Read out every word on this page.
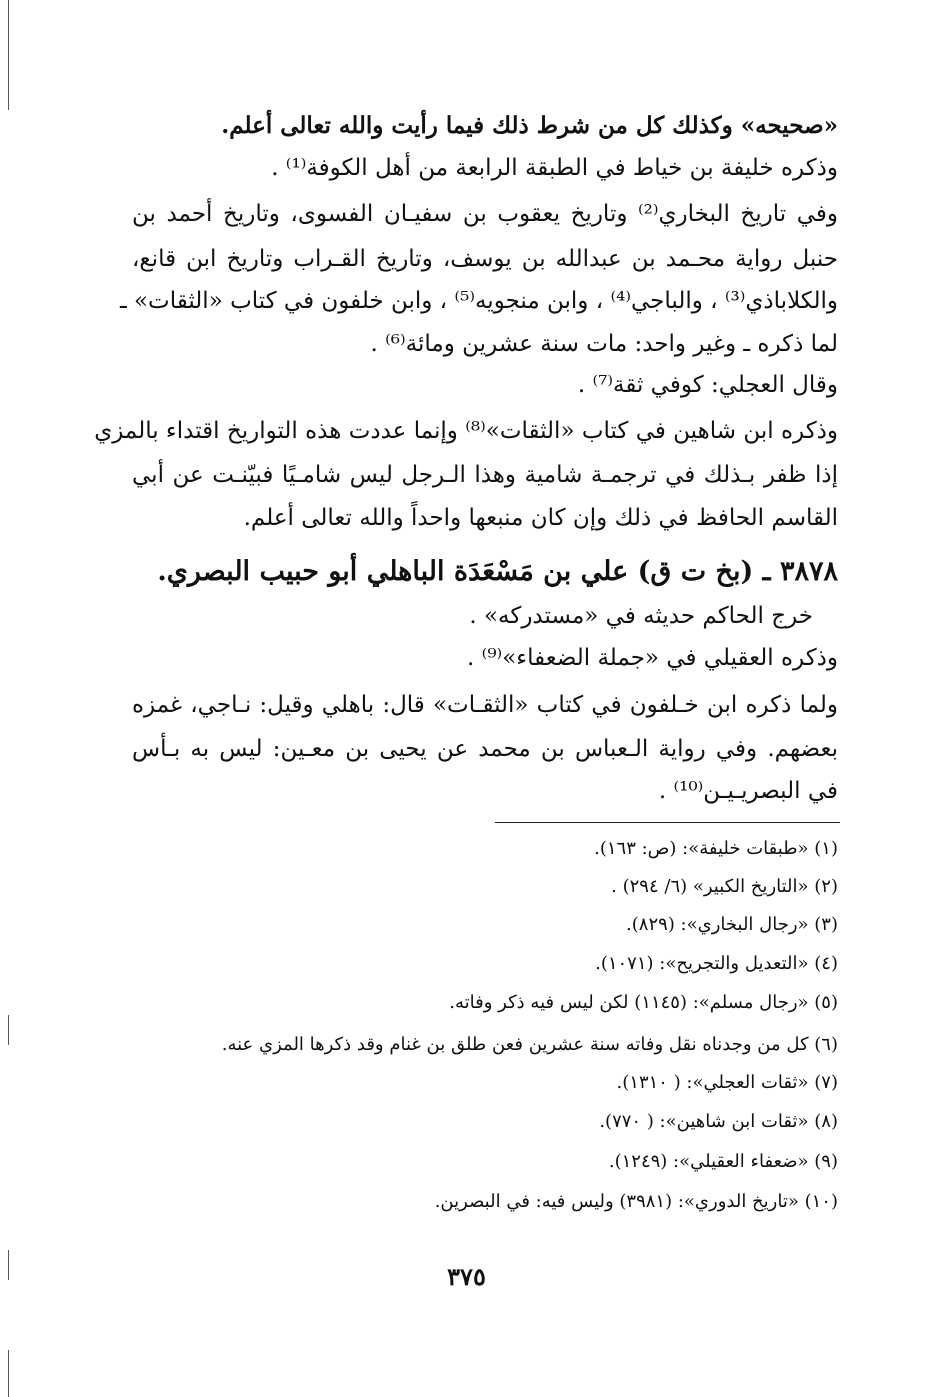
«صحيحه» وكذلك كل من شرط ذلك فيما رأيت والله تعالى أعلم.
وذكره خليفة بن خياط في الطبقة الرابعة من أهل الكوفة⁽¹⁾ .
وفي تاريخ البخاري⁽²⁾ وتاريخ يعقوب بن سفيـان الفسوى، وتاريخ أحمد بن
حنبل رواية محـمد بن عبدالله بن يوسف، وتاريخ القـراب وتاريخ ابن قانع،
والكلاباذي⁽³⁾ ، والباجي⁽⁴⁾ ، وابن منجويه⁽⁵⁾ ، وابن خلفون في كتاب «الثقات» ـ
لما ذكره ـ وغير واحد: مات سنة عشرين ومائة⁽⁶⁾ .
وقال العجلي: كوفي ثقة⁽⁷⁾ .
وذكره ابن شاهين في كتاب «الثقات»⁽⁸⁾ وإنما عددت هذه التواريخ اقتداء بالمزي
إذا ظفر بـذلك في ترجمـة شامية وهذا الـرجل ليس شامـيًا فبيّنـت عن أبي
القاسم الحافظ في ذلك وإن كان منبعها واحداً والله تعالى أعلم.
٣٨٧٨ ـ (بخ ت ق) علي بن مَسْعَدَة الباهلي أبو حبيب البصري.
خرج الحاكم حديثه في «مستدركه» .
وذكره العقيلي في «جملة الضعفاء»⁽⁹⁾ .
ولما ذكره ابن خـلفون في كتاب «الثقـات» قال: باهلي وقيل: نـاجي، غمزه
بعضهم. وفي رواية الـعباس بن محمد عن يحيى بن معـين: ليس به بـأس
في البصريـيـن⁽¹⁰⁾ .
(١) «طبقات خليفة»: (ص: ١٦٣).
(٢) «التاريخ الكبير» (٦/ ٢٩٤) .
(٣) «رجال البخاري»: (٨٢٩).
(٤) «التعديل والتجريح»: (١٠٧١).
(٥) «رجال مسلم»: (١١٤٥) لكن ليس فيه ذكر وفاته.
(٦) كل من وجدناه نقل وفاته سنة عشرين فعن طلق بن غنام وقد ذكرها المزي عنه.
(٧) «ثقات العجلي»: ( ١٣١٠).
(٨) «ثقات ابن شاهين»: ( ٧٧٠).
(٩) «ضعفاء العقيلي»: (١٢٤٩).
(١٠) «تاريخ الدوري»: (٣٩٨١) وليس فيه: في البصرين.
٣٧٥
